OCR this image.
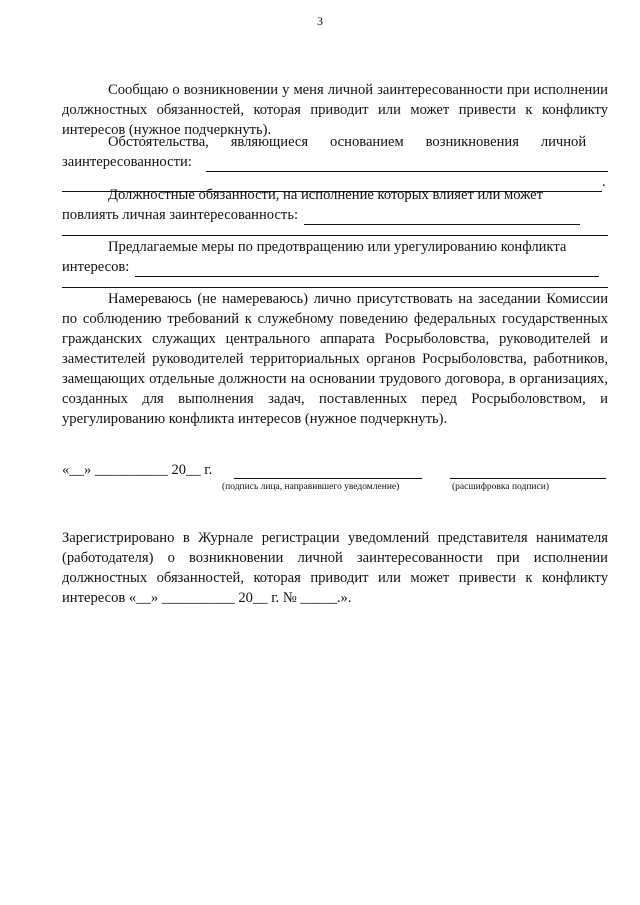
3
Сообщаю о возникновении у меня личной заинтересованности при исполнении должностных обязанностей, которая приводит или может привести к конфликту интересов (нужное подчеркнуть).
Обстоятельства,      являющиеся      основанием      возникновения      личной
заинтересованности:
.
Должностные обязанности, на исполнение которых влияет или может
повлиять личная заинтересованность:
Предлагаемые меры по предотвращению или урегулированию конфликта
интересов:
Намереваюсь (не намереваюсь) лично присутствовать на заседании Комиссии по соблюдению требований к служебному поведению федеральных государственных гражданских служащих центрального аппарата Росрыболовства, руководителей и заместителей руководителей территориальных органов Росрыболовства, работников, замещающих отдельные должности на основании трудового договора, в организациях, созданных для выполнения задач, поставленных перед Росрыболовством, и урегулированию конфликта интересов (нужное подчеркнуть).
«__» __________ 20__ г.
(подпись лица, направившего уведомление)	(расшифровка подписи)
Зарегистрировано в Журнале регистрации уведомлений представителя нанимателя (работодателя) о возникновении личной заинтересованности при исполнении должностных обязанностей, которая приводит или может привести к конфликту интересов «__» __________ 20__ г. № _____.».
